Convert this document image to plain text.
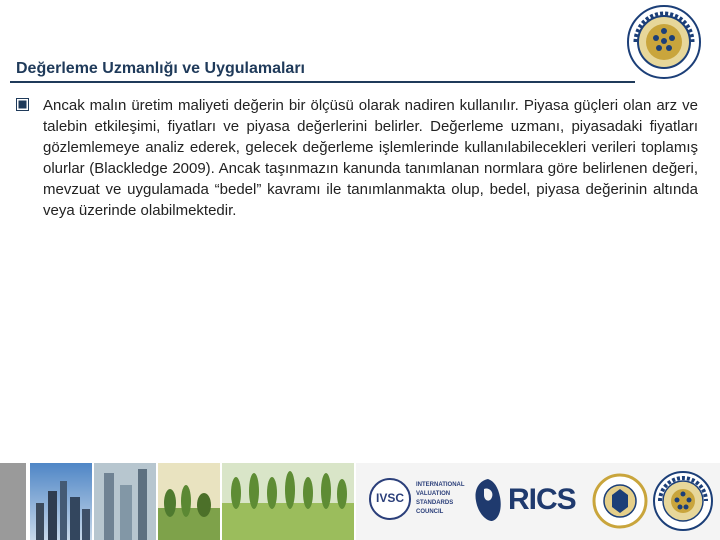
Değerleme Uzmanlığı ve Uygulamaları
Ancak malın üretim maliyeti değerin bir ölçüsü olarak nadiren kullanılır. Piyasa güçleri olan arz ve talebin etkileşimi, fiyatları ve piyasa değerlerini belirler. Değerleme uzmanı, piyasadaki fiyatları gözlemlemeye analiz ederek, gelecek değerleme işlemlerinde kullanılabilecekleri verileri toplamış olurlar (Blackledge 2009). Ancak taşınmazın kanunda tanımlanan normlara göre belirlenen değeri, mevzuat ve uygulamada “bedel” kavramı ile tanımlanmakta olup, bedel, piyasa değerinin altında veya üzerinde olabilmektedir.
IVSC
INTERNATIONAL
VALUATION
STANDARDS
COUNCIL	RICS
